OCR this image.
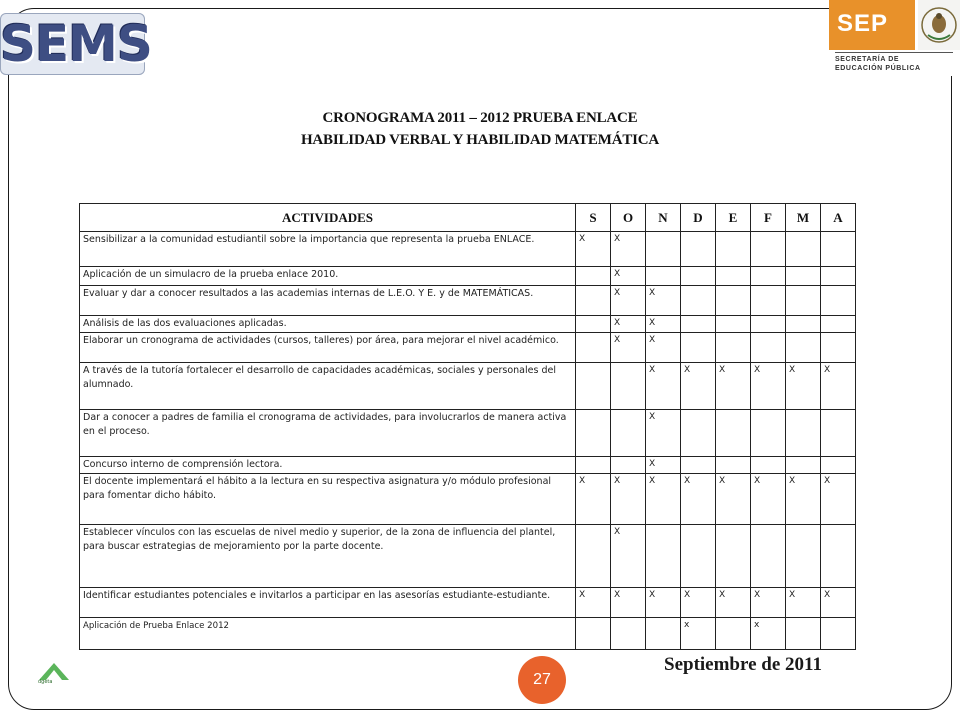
SEMS	SEP
SECRETARÍA DE
EDUCACIÓN PÚBLICA
CRONOGRAMA 2011 – 2012 PRUEBA ENLACE
HABILIDAD VERBAL Y HABILIDAD MATEMÁTICA
ACTIVIDADES	S	O	N	D	E	F	M	A
Sensibilizar a la comunidad estudiantil sobre la importancia que representa la prueba ENLACE.	X	X						
Aplicación de un simulacro de la prueba enlace 2010.		X						
Evaluar y dar a conocer resultados a las academias internas de L.E.O. Y E. y de MATEMÁTICAS.		X	X					
Análisis de las dos evaluaciones aplicadas.		X	X					
Elaborar un cronograma de actividades (cursos, talleres) por área, para mejorar el nivel académico.		X	X					
A través de la tutoría fortalecer el desarrollo de capacidades académicas, sociales y personales del alumnado.			X	X	X	X	X	X
Dar a conocer a padres de familia el cronograma de actividades, para involucrarlos de manera activa en el proceso.			X					
Concurso interno de comprensión lectora.			X					
El docente implementará el hábito a la lectura en su respectiva asignatura y/o módulo profesional para fomentar dicho hábito.	X	X	X	X	X	X	X	X
Establecer vínculos con las escuelas de nivel medio y superior, de la zona de influencia del plantel, para buscar estrategias de mejoramiento por la parte docente.		X						
Identificar estudiantes potenciales e invitarlos a participar en las asesorías estudiante-estudiante.	X	X	X	X	X	X	X	X
Aplicación de Prueba Enlace 2012				x		x		
dgeta	27
Septiembre de 2011
